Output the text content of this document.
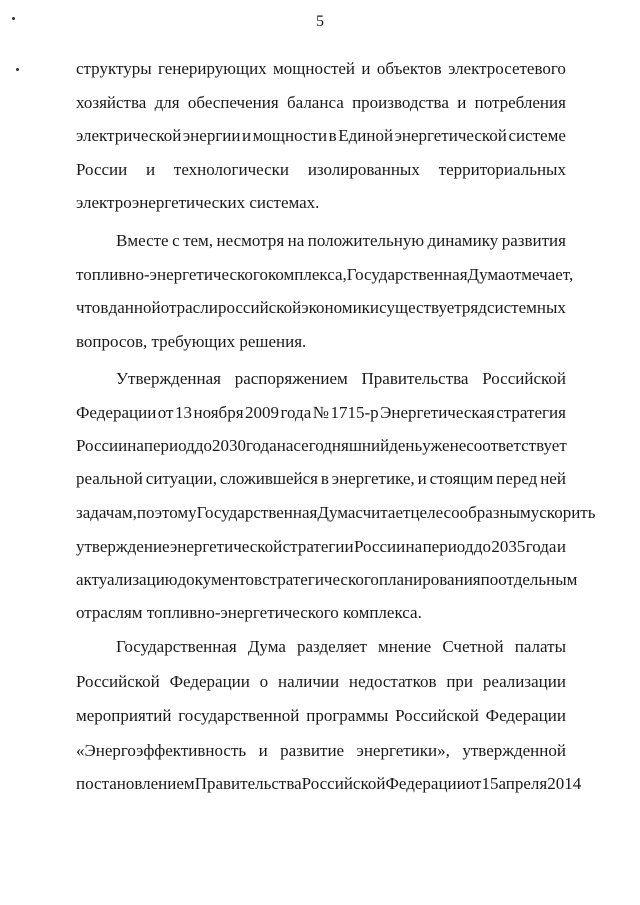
5
структуры генерирующих мощностей и объектов электросетевого
хозяйства для обеспечения баланса производства и потребления
электрической энергии и мощности в Единой энергетической системе
России и технологически изолированных территориальных
электроэнергетических системах.
Вместе с тем, несмотря на положительную динамику развития
топливно-энергетического комплекса, Государственная Дума отмечает,
что в данной отрасли российской экономики существует ряд системных
вопросов, требующих решения.
Утвержденная распоряжением Правительства Российской
Федерации от 13 ноября 2009 года № 1715-р Энергетическая стратегия
России на период до 2030 года на сегодняшний день уже не соответствует
реальной ситуации, сложившейся в энергетике, и стоящим перед ней
задачам, поэтому Государственная Дума считает целесообразным ускорить
утверждение энергетической стратегии России на период до 2035 года и
актуализацию документов стратегического планирования по отдельным
отраслям топливно-энергетического комплекса.
Государственная Дума разделяет мнение Счетной палаты
Российской Федерации о наличии недостатков при реализации
мероприятий государственной программы Российской Федерации
«Энергоэффективность и развитие энергетики», утвержденной
постановлением Правительства Российской Федерации от 15 апреля 2014
